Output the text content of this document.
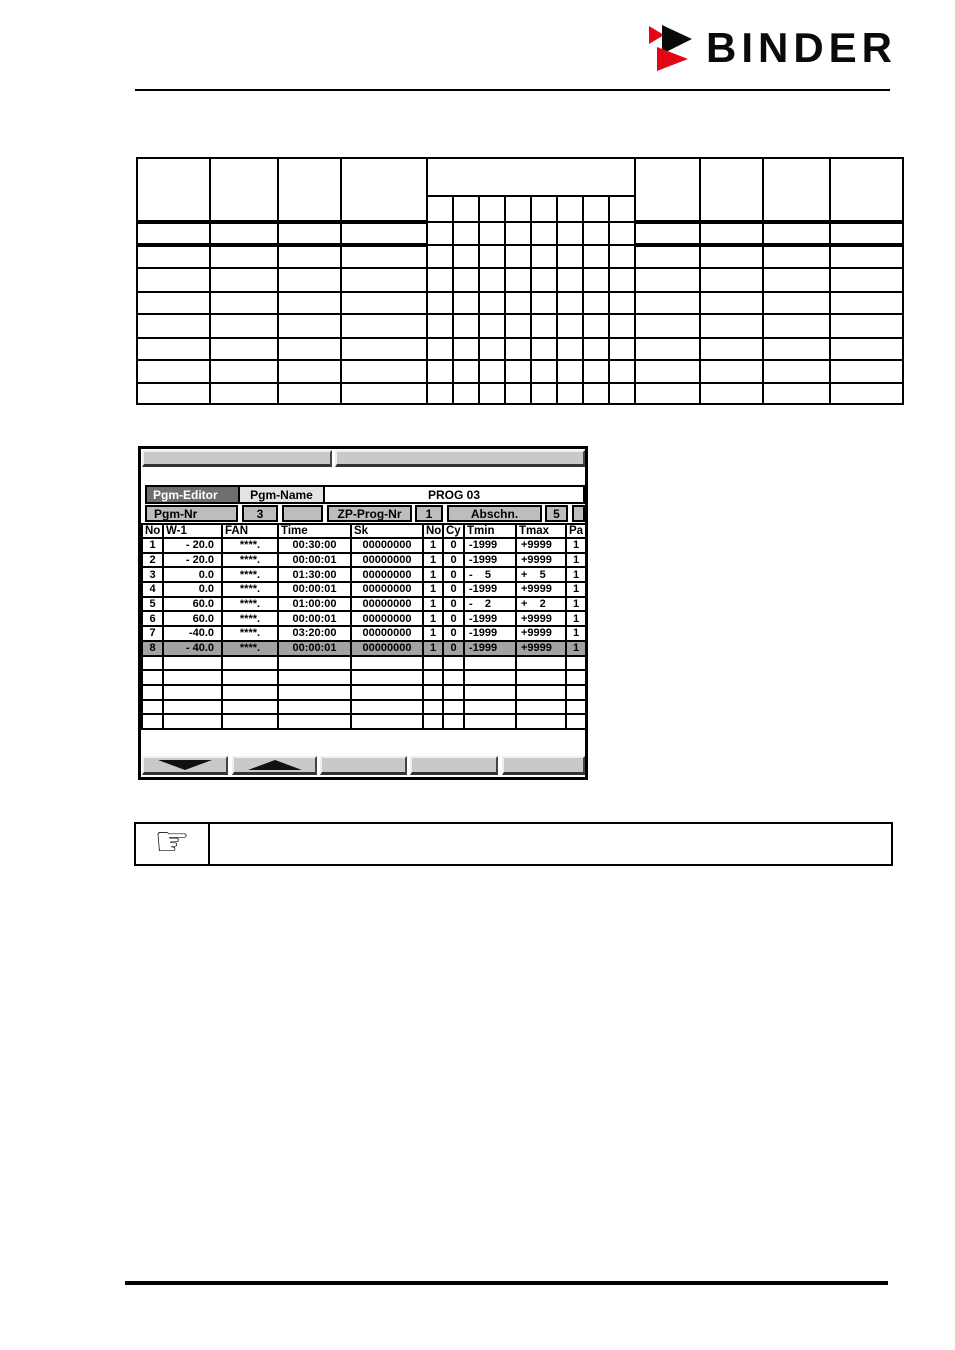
BINDER
Pgm-Editor	Pgm-Name	PROG 03
Pgm-Nr	3	ZP-Prog-Nr	1	Abschn.	5
No	W-1	FAN	Time	Sk	No	Cy	Tmin	Tmax	Pa
1	- 20.0	****.	00:30:00	00000000	1	0	-1999	+9999	1
2	- 20.0	****.	00:00:01	00000000	1	0	-1999	+9999	1
3	0.0	****.	01:30:00	00000000	1	0	-    5	+    5	1
4	0.0	****.	00:00:01	00000000	1	0	-1999	+9999	1
5	60.0	****.	01:00:00	00000000	1	0	-    2	+    2	1
6	60.0	****.	00:00:01	00000000	1	0	-1999	+9999	1
7	-40.0	****.	03:20:00	00000000	1	0	-1999	+9999	1
8	- 40.0	****.	00:00:01	00000000	1	0	-1999	+9999	1

☞
